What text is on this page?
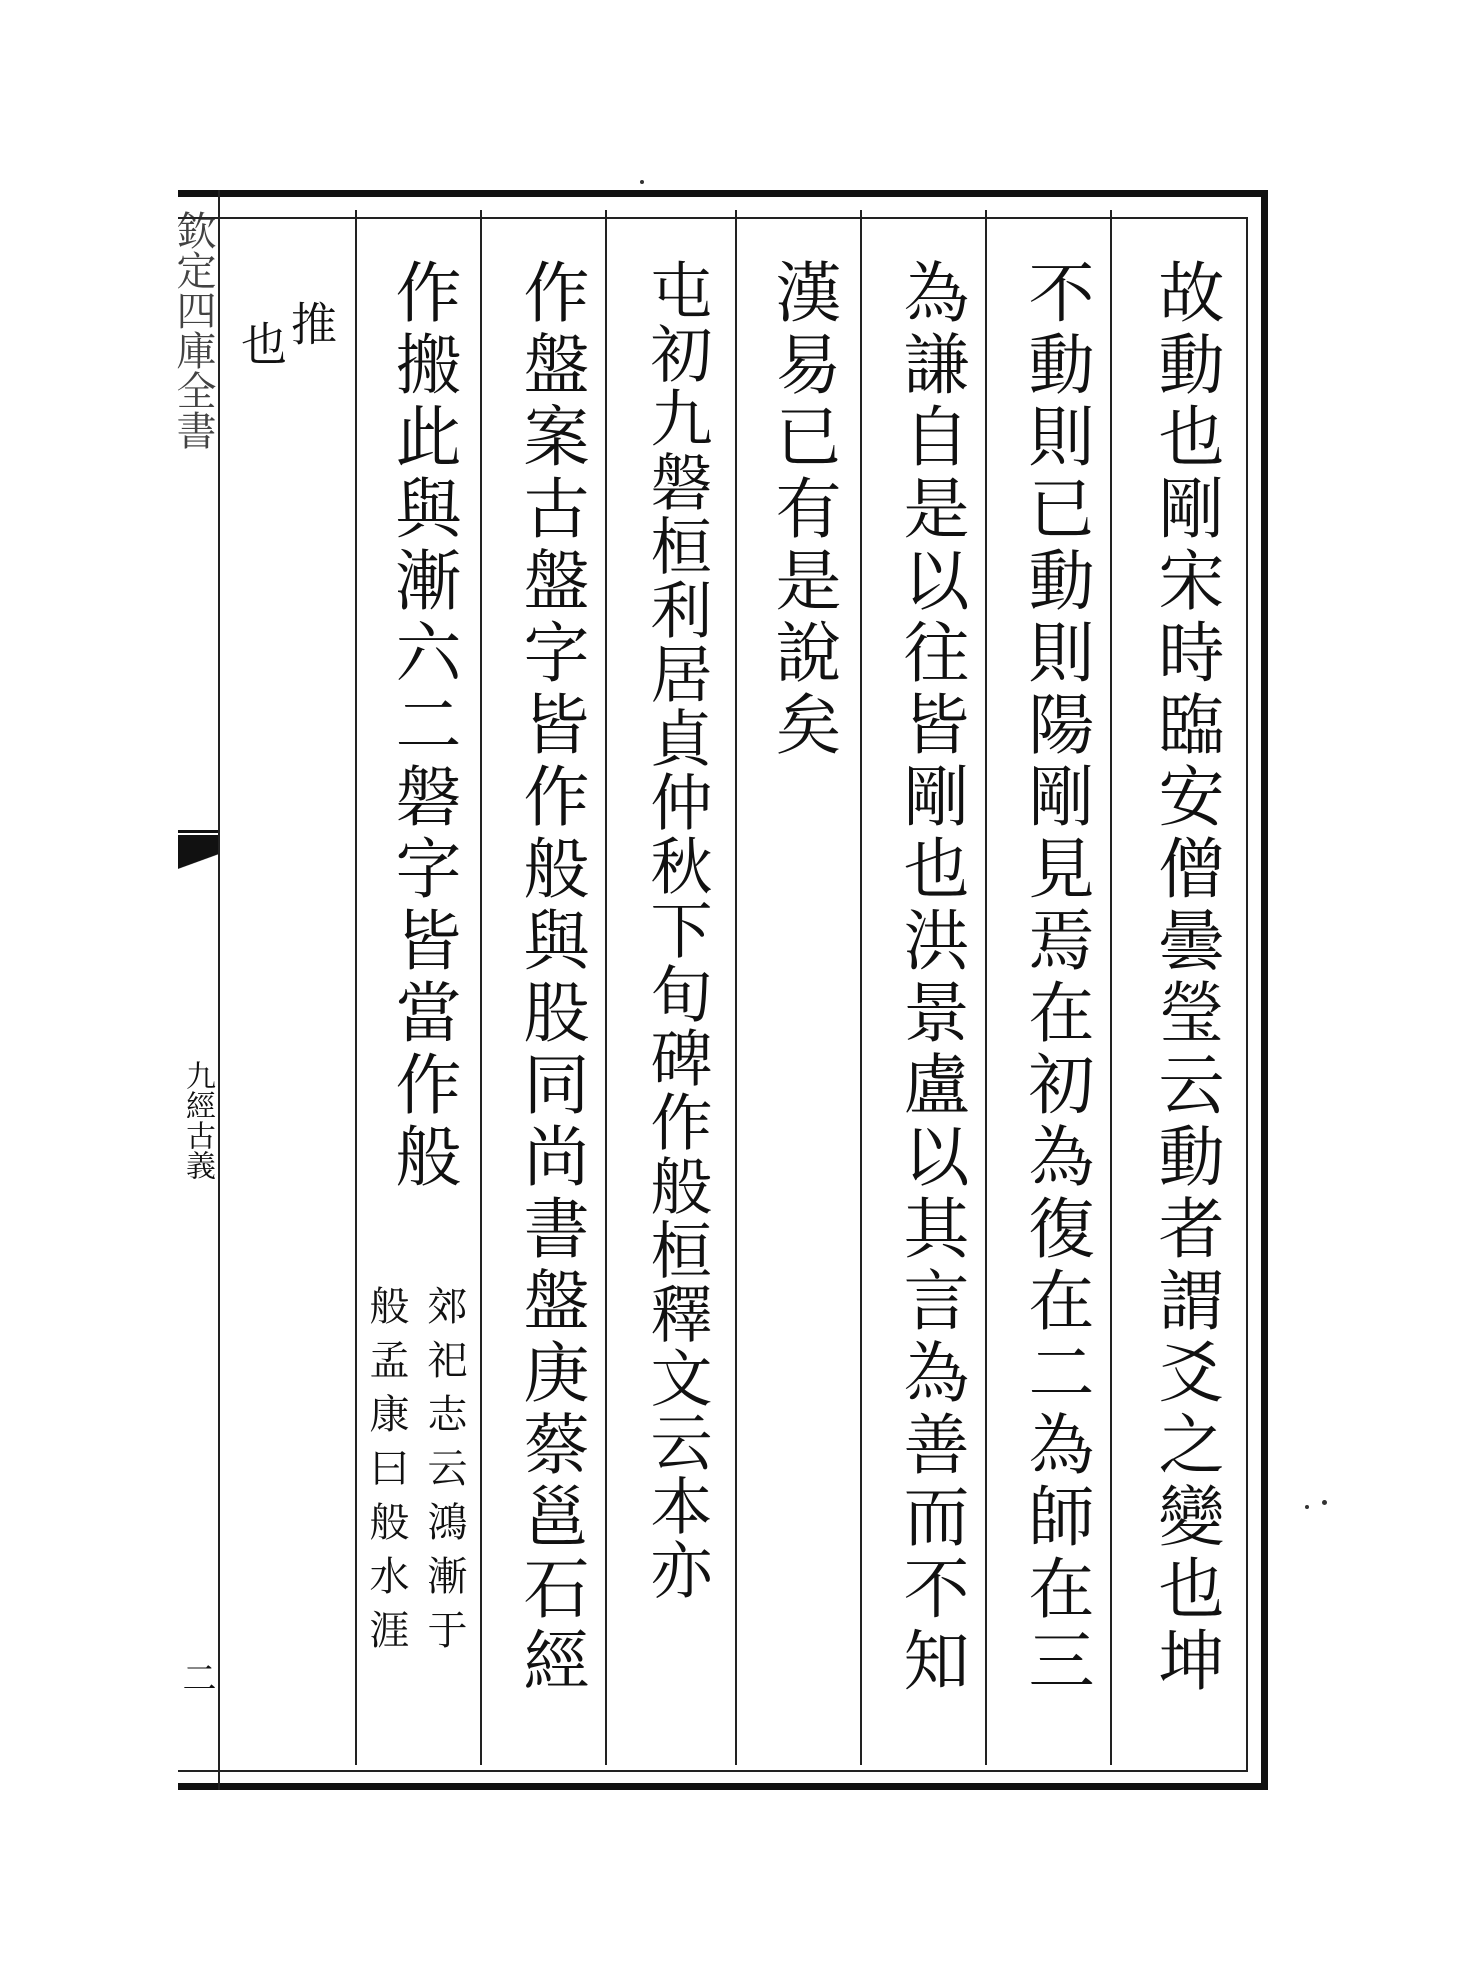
欽定四庫全書
九經古義
二	故動也剛宋時臨安僧曇瑩云動者謂爻之變也坤
不動則已動則陽剛見焉在初為復在二為師在三
為謙自是以往皆剛也洪景盧以其言為善而不知
漢易已有是說矣
屯初九磐桓利居貞仲秋下旬碑作般桓釋文云本亦
作盤案古盤字皆作般與股同尚書盤庚蔡邕石經
作搬此與漸六二磐字皆當作般
郊祀志云鴻漸于
般孟康曰般水涯
推
也
